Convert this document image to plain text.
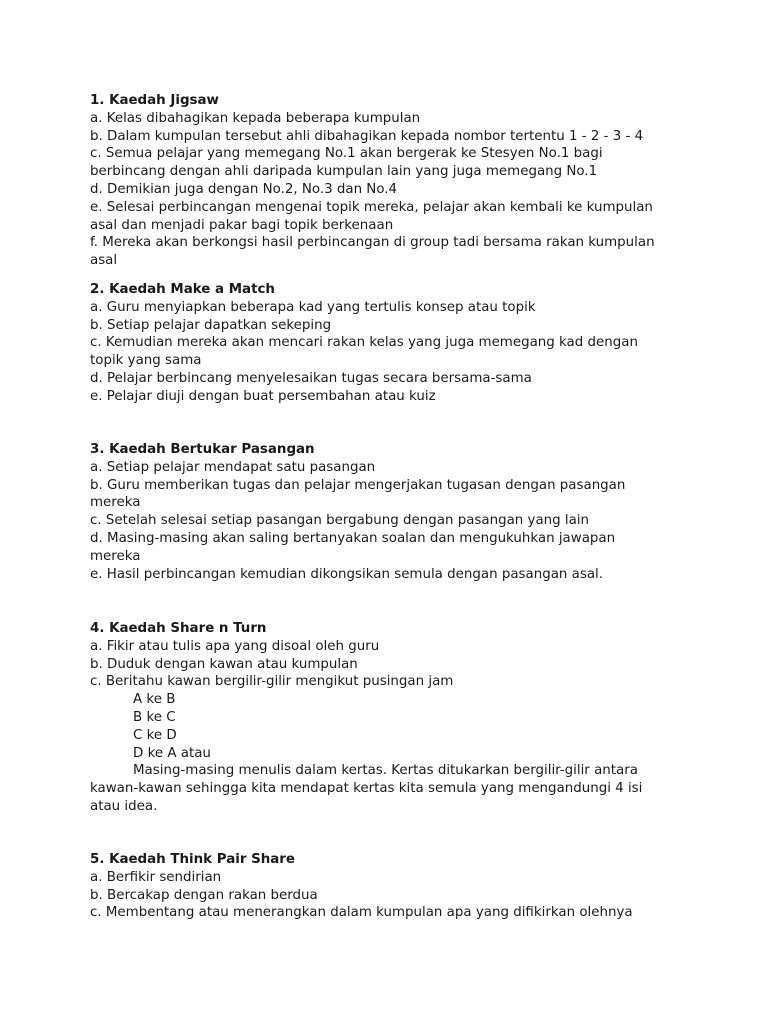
1. Kaedah Jigsaw
a. Kelas dibahagikan kepada beberapa kumpulan
b. Dalam kumpulan tersebut ahli dibahagikan kepada nombor tertentu 1 - 2 - 3 - 4
c. Semua pelajar yang memegang No.1 akan bergerak ke Stesyen No.1 bagi
berbincang dengan ahli daripada kumpulan lain yang juga memegang No.1
d. Demikian juga dengan No.2, No.3 dan No.4
e. Selesai perbincangan mengenai topik mereka, pelajar akan kembali ke kumpulan
asal dan menjadi pakar bagi topik berkenaan
f. Mereka akan berkongsi hasil perbincangan di group tadi bersama rakan kumpulan
asal
2. Kaedah Make a Match
a. Guru menyiapkan beberapa kad yang tertulis konsep atau topik
b. Setiap pelajar dapatkan sekeping
c. Kemudian mereka akan mencari rakan kelas yang juga memegang kad dengan
topik yang sama
d. Pelajar berbincang menyelesaikan tugas secara bersama-sama
e. Pelajar diuji dengan buat persembahan atau kuiz
3. Kaedah Bertukar Pasangan
a. Setiap pelajar mendapat satu pasangan
b. Guru memberikan tugas dan pelajar mengerjakan tugasan dengan pasangan
mereka
c. Setelah selesai setiap pasangan bergabung dengan pasangan yang lain
d. Masing-masing akan saling bertanyakan soalan dan mengukuhkan jawapan
mereka
e. Hasil perbincangan kemudian dikongsikan semula dengan pasangan asal.
4. Kaedah Share n Turn
a. Fikir atau tulis apa yang disoal oleh guru
b. Duduk dengan kawan atau kumpulan
c. Beritahu kawan bergilir-gilir mengikut pusingan jam
A ke B
B ke C
C ke D
D ke A atau
Masing-masing menulis dalam kertas. Kertas ditukarkan bergilir-gilir antara
kawan-kawan sehingga kita mendapat kertas kita semula yang mengandungi 4 isi
atau idea.
5. Kaedah Think Pair Share
a. Berfikir sendirian
b. Bercakap dengan rakan berdua
c. Membentang atau menerangkan dalam kumpulan apa yang difikirkan olehnya
